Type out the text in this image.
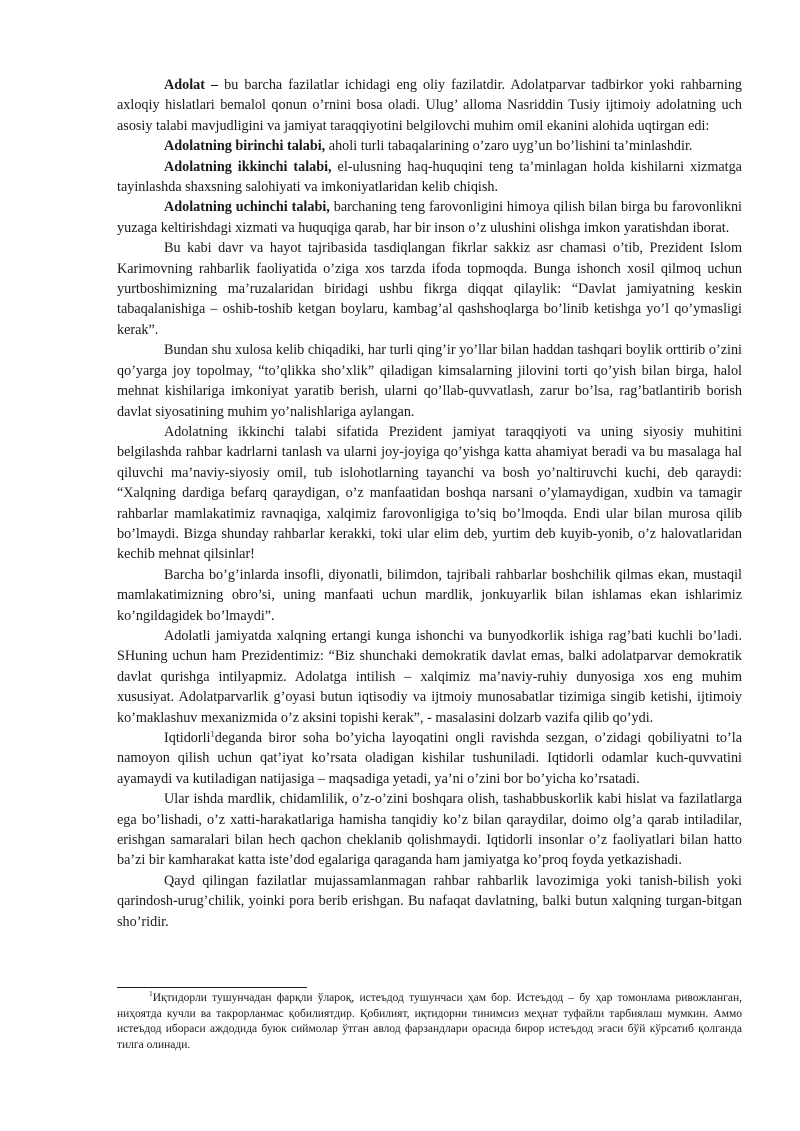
Adolat – bu barcha fazilatlar ichidagi eng oliy fazilatdir. Adolatparvar tadbirkor yoki rahbarning axloqiy hislatlari bemalol qonun o’rnini bosa oladi. Ulug’ alloma Nasriddin Tusiy ijtimoiy adolatning uch asosiy talabi mavjudligini va jamiyat taraqqiyotini belgilovchi muhim omil ekanini alohida uqtirgan edi:

Adolatning birinchi talabi, aholi turli tabaqalarining o’zaro uyg’un bo’lishini ta’minlashdir.

Adolatning ikkinchi talabi, el-ulusning haq-huquqini teng ta’minlagan holda kishilarni xizmatga tayinlashda shaxsning salohiyati va imkoniyatlaridan kelib chiqish.

Adolatning uchinchi talabi, barchaning teng farovonligini himoya qilish bilan birga bu farovonlikni yuzaga keltirishdagi xizmati va huquqiga qarab, har bir inson o’z ulushini olishga imkon yaratishdan iborat.

Bu kabi davr va hayot tajribasida tasdiqlangan fikrlar sakkiz asr chamasi o’tib, Prezident Islom Karimovning rahbarlik faoliyatida o’ziga xos tarzda ifoda topmoqda. Bunga ishonch xosil qilmoq uchun yurtboshimizning ma’ruzalaridan biridagi ushbu fikrga diqqat qilaylik: “Davlat jamiyatning keskin tabaqalanishiga – oshib-toshib ketgan boylaru, kambag’al qashshoqlarga bo’linib ketishga yo’l qo’ymasligi kerak”.

Bundan shu xulosa kelib chiqadiki, har turli qing’ir yo’llar bilan haddan tashqari boylik orttirib o’zini qo’yarga joy topolmay, “to’qlikka sho’xlik” qiladigan kimsalarning jilovini torti qo’yish bilan birga, halol mehnat kishilariga imkoniyat yaratib berish, ularni qo’llab-quvvatlash, zarur bo’lsa, rag’batlantirib borish davlat siyosatining muhim yo’nalishlariga aylangan.

Adolatning ikkinchi talabi sifatida Prezident jamiyat taraqqiyoti va uning siyosiy muhitini belgilashda rahbar kadrlarni tanlash va ularni joy-joyiga qo’yishga katta ahamiyat beradi va bu masalaga hal qiluvchi ma’naviy-siyosiy omil, tub islohotlarning tayanchi va bosh yo’naltiruvchi kuchi, deb qaraydi: “Xalqning dardiga befarq qaraydigan, o’z manfaatidan boshqa narsani o’ylamaydigan, xudbin va tamagir rahbarlar mamlakatimiz ravnaqiga, xalqimiz farovonligiga to’siq bo’lmoqda. Endi ular bilan murosa qilib bo’lmaydi. Bizga shunday rahbarlar kerakki, toki ular elim deb, yurtim deb kuyib-yonib, o’z halovatlaridan kechib mehnat qilsinlar!

Barcha bo’g’inlarda insofli, diyonatli, bilimdon, tajribali rahbarlar boshchilik qilmas ekan, mustaqil mamlakatimizning obro’si, uning manfaati uchun mardlik, jonkuyarlik bilan ishlamas ekan ishlarimiz ko’ngildagidek bo’lmaydi”.

Adolatli jamiyatda xalqning ertangi kunga ishonchi va bunyodkorlik ishiga rag’bati kuchli bo’ladi. SHuning uchun ham Prezidentimiz: “Biz shunchaki demokratik davlat emas, balki adolatparvar demokratik davlat qurishga intilyapmiz. Adolatga intilish – xalqimiz ma’naviy-ruhiy dunyosiga xos eng muhim xususiyat. Adolatparvarlik g’oyasi butun iqtisodiy va ijtmoiy munosabatlar tizimiga singib ketishi, ijtimoiy ko’maklashuv mexanizmida o’z aksini topishi kerak”, - masalasini dolzarb vazifa qilib qo’ydi.

Iqtidorli$^1$deganda biror soha bo’yicha layoqatini ongli ravishda sezgan, o’zidagi qobiliyatni to’la namoyon qilish uchun qat’iyat ko’rsata oladigan kishilar tushuniladi. Iqtidorli odamlar kuch-quvvatini ayamaydi va kutiladigan natijasiga – maqsadiga yetadi, ya’ni o’zini bor bo’yicha ko’rsatadi.

Ular ishda mardlik, chidamlilik, o’z-o’zini boshqara olish, tashabbuskorlik kabi hislat va fazilatlarga ega bo’lishadi, o’z xatti-harakatlariga hamisha tanqidiy ko’z bilan qaraydilar, doimo olg’a qarab intiladilar, erishgan samaralari bilan hech qachon cheklanib qolishmaydi. Iqtidorli insonlar o’z faoliyatlari bilan hatto ba’zi bir kamharakat katta iste’dod egalariga qaraganda ham jamiyatga ko’proq foyda yetkazishadi.

Qayd qilingan fazilatlar mujassamlanmagan rahbar rahbarlik lavozimiga yoki tanish-bilish yoki qarindosh-urug’chilik, yoinki pora berib erishgan. Bu nafaqat davlatning, balki butun xalqning turgan-bitgan sho’ridir.

$^1$Иқтидорли тушунчадан фарқли ўлароқ, истеъдод тушунчаси ҳам бор. Истеъдод – бу ҳар томонлама ривожланган, ниҳоятда кучли ва такрорланмас қобилиятдир. Қобилият, иқтидорни тинимсиз меҳнат туфайли тарбиялаш мумкин. Аммо истеъдод ибораси аждодида буюк сиймолар ўтган авлод фарзандлари орасида бирор истеъдод эгаси бўй кўрсатиб қолганда тилга олинади.
